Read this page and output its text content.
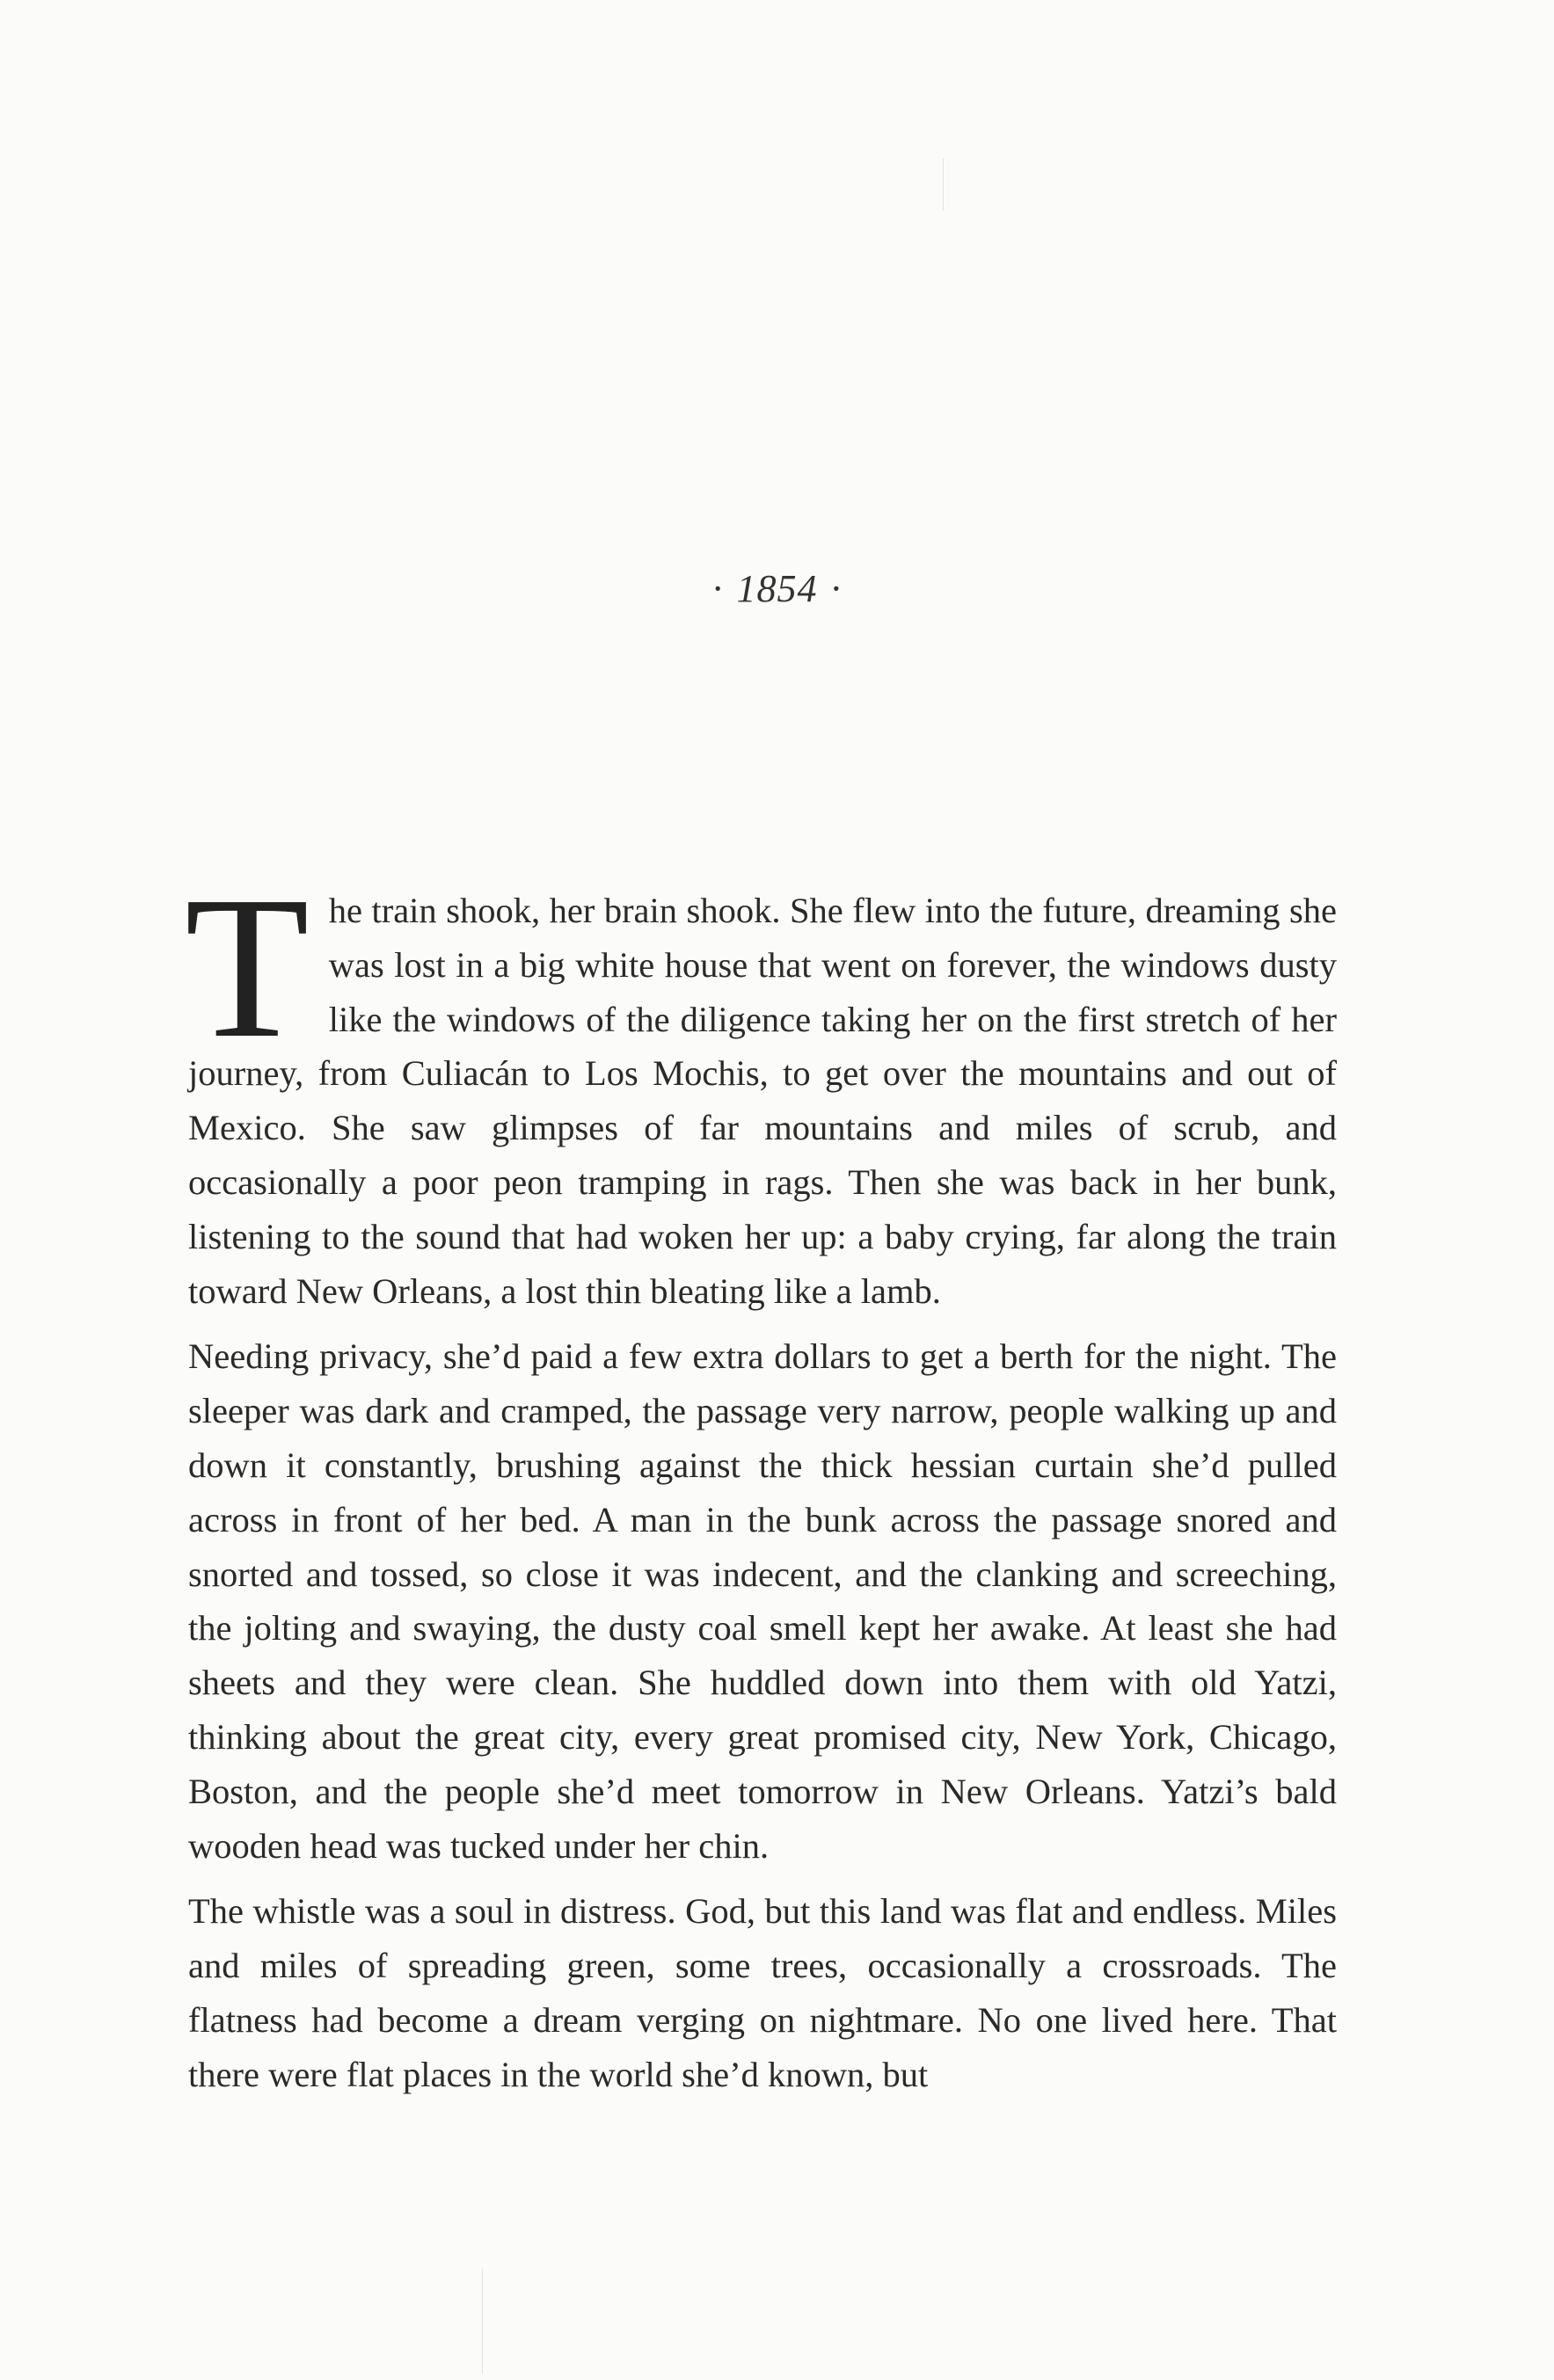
· 1854 ·

The train shook, her brain shook. She flew into the future, dreaming she was lost in a big white house that went on forever, the windows dusty like the windows of the diligence taking her on the first stretch of her journey, from Culiacán to Los Mochis, to get over the mountains and out of Mexico. She saw glimpses of far mountains and miles of scrub, and occasionally a poor peon tramping in rags. Then she was back in her bunk, listening to the sound that had woken her up: a baby crying, far along the train toward New Orleans, a lost thin bleating like a lamb.

Needing privacy, she’d paid a few extra dollars to get a berth for the night. The sleeper was dark and cramped, the passage very narrow, people walking up and down it constantly, brushing against the thick hessian curtain she’d pulled across in front of her bed. A man in the bunk across the passage snored and snorted and tossed, so close it was indecent, and the clanking and screeching, the jolting and swaying, the dusty coal smell kept her awake. At least she had sheets and they were clean. She huddled down into them with old Yatzi, thinking about the great city, every great promised city, New York, Chicago, Boston, and the people she’d meet tomorrow in New Orleans. Yatzi’s bald wooden head was tucked under her chin.

The whistle was a soul in distress. God, but this land was flat and endless. Miles and miles of spreading green, some trees, occasionally a crossroads. The flatness had become a dream verging on nightmare. No one lived here. That there were flat places in the world she’d known, but
